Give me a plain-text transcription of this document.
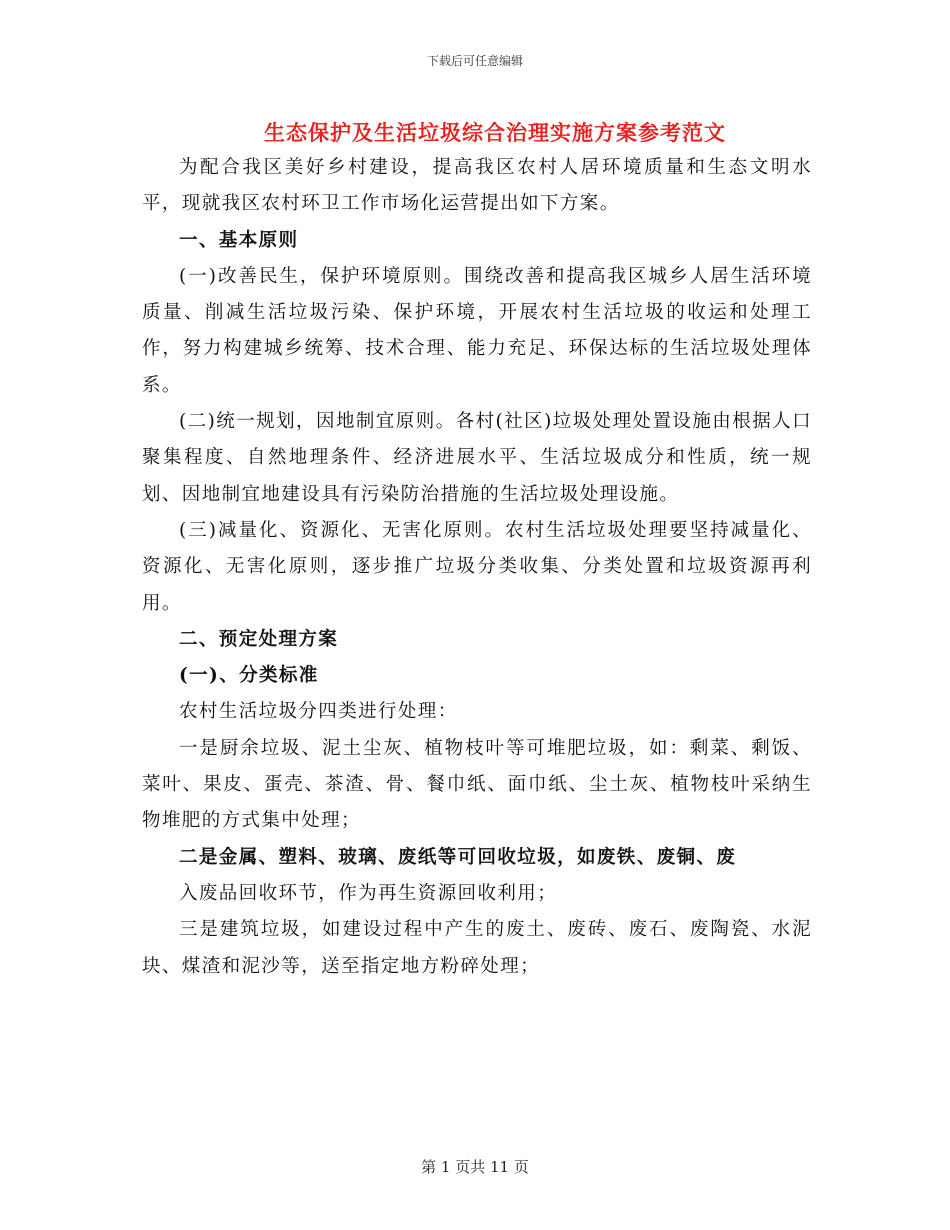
下载后可任意编辑
生态保护及生活垃圾综合治理实施方案参考范文

为配合我区美好乡村建设，提高我区农村人居环境质量和生态文明水平，现就我区农村环卫工作市场化运营提出如下方案。

一、基本原则

(一)改善民生，保护环境原则。围绕改善和提高我区城乡人居生活环境质量、削减生活垃圾污染、保护环境，开展农村生活垃圾的收运和处理工作，努力构建城乡统筹、技术合理、能力充足、环保达标的生活垃圾处理体系。

(二)统一规划，因地制宜原则。各村(社区)垃圾处理处置设施由根据人口聚集程度、自然地理条件、经济进展水平、生活垃圾成分和性质，统一规划、因地制宜地建设具有污染防治措施的生活垃圾处理设施。

(三)减量化、资源化、无害化原则。农村生活垃圾处理要坚持减量化、资源化、无害化原则，逐步推广垃圾分类收集、分类处置和垃圾资源再利用。

二、预定处理方案

(一)、分类标准

农村生活垃圾分四类进行处理：

一是厨余垃圾、泥土尘灰、植物枝叶等可堆肥垃圾，如：剩菜、剩饭、菜叶、果皮、蛋壳、茶渣、骨、餐巾纸、面巾纸、尘土灰、植物枝叶采纳生物堆肥的方式集中处理；

二是金属、塑料、玻璃、废纸等可回收垃圾，如废铁、废铜、废

入废品回收环节，作为再生资源回收利用；

三是建筑垃圾，如建设过程中产生的废土、废砖、废石、废陶瓷、水泥块、煤渣和泥沙等，送至指定地方粉碎处理；

第 1 页共 11 页
